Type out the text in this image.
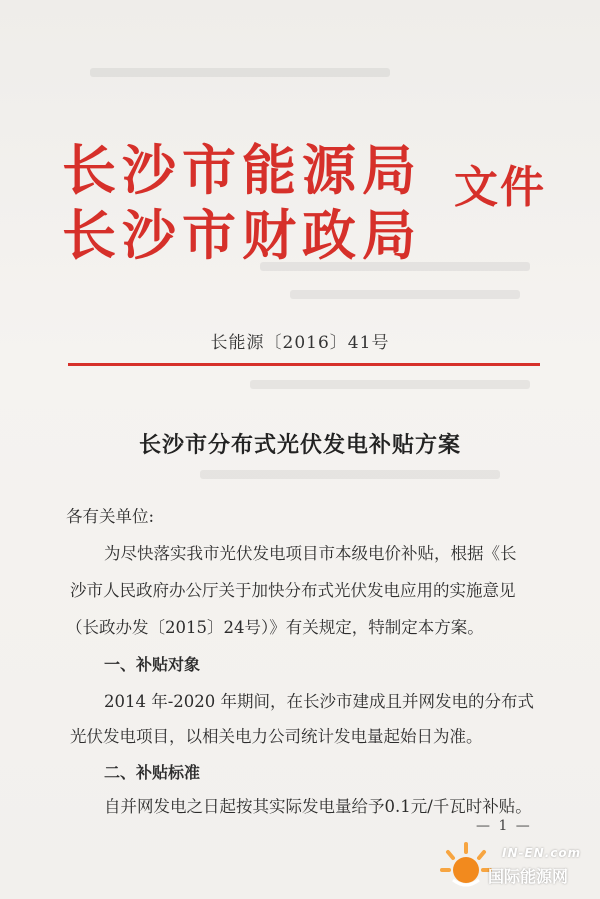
长沙市能源局
长沙市财政局
文件
长能源〔2016〕41号
长沙市分布式光伏发电补贴方案
各有关单位:
为尽快落实我市光伏发电项目市本级电价补贴，根据《长
沙市人民政府办公厅关于加快分布式光伏发电应用的实施意见
（长政办发〔2015〕24号）》有关规定，特制定本方案。
一、补贴对象
2014 年-2020 年期间，在长沙市建成且并网发电的分布式
光伏发电项目，以相关电力公司统计发电量起始日为准。
二、补贴标准
自并网发电之日起按其实际发电量给予0.1元/千瓦时补贴。
— 1 —
IN-EN.com
国际能源网
